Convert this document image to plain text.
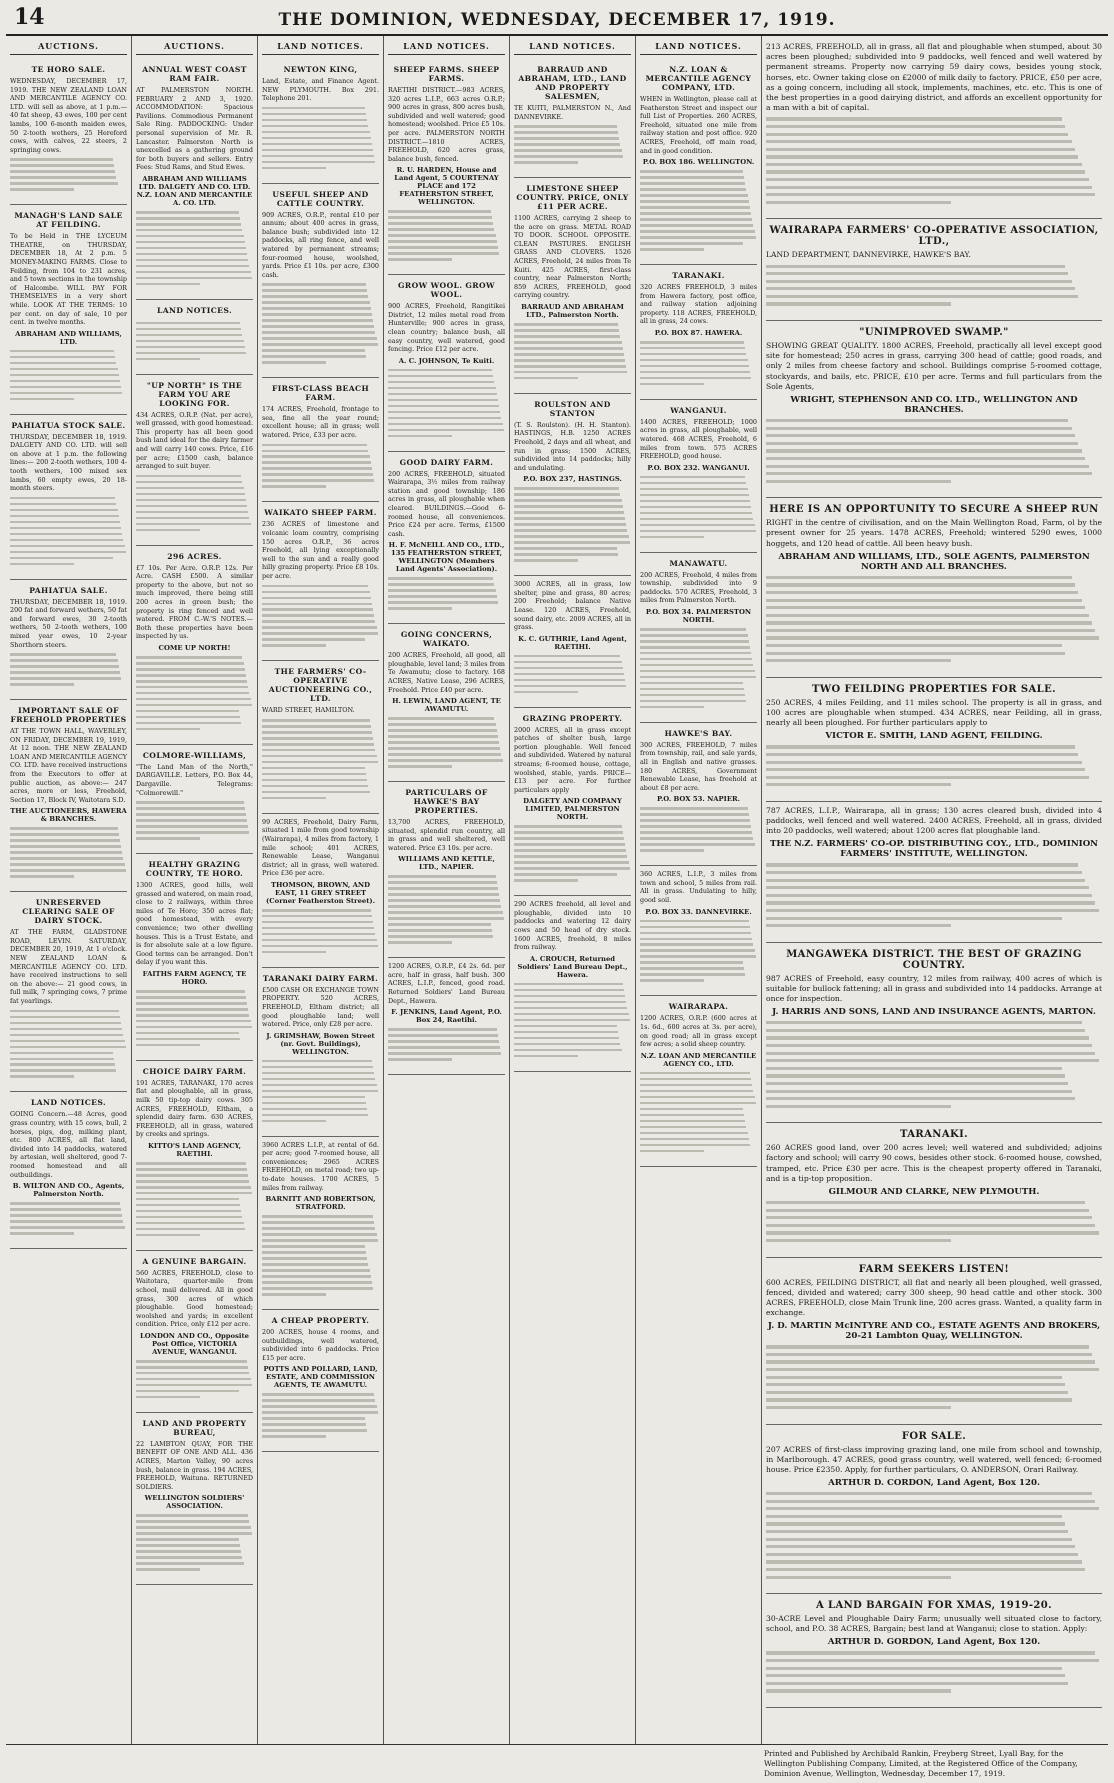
14	THE DOMINION, WEDNESDAY, DECEMBER 17, 1919.
AUCTIONS.
TE HORO SALE.

WEDNESDAY, DECEMBER 17, 1919. THE NEW ZEALAND LOAN AND MERCANTILE AGENCY CO. LTD. will sell as above, at 1 p.m.— 40 fat sheep, 43 ewes, 100 per cent lambs, 100 6-month maiden ewes, 50 2-tooth wethers, 25 Hereford cows, with calves, 22 steers, 2 springing cows.

MANAGH'S LAND SALE AT FEILDING.

To be Held in THE LYCEUM THEATRE, on THURSDAY, DECEMBER 18, At 2 p.m. 5 MONEY-MAKING FARMS. Close to Feilding, from 104 to 231 acres, and 5 town sections in the township of Halcombe. WILL PAY FOR THEMSELVES in a very short while. LOOK AT THE TERMS: 10 per cent. on day of sale, 10 per cent. in twelve months.

ABRAHAM AND WILLIAMS, LTD.
PAHIATUA STOCK SALE.

THURSDAY, DECEMBER 18, 1919. DALGETY AND CO. LTD. will sell on above at 1 p.m. the following lines:— 200 2-tooth wethers, 100 4-tooth wethers, 100 mixed sex lambs, 60 empty ewes, 20 18-month steers.

PAHIATUA SALE.

THURSDAY, DECEMBER 18, 1919. 200 fat and forward wethers, 50 fat and forward ewes, 30 2-tooth wethers, 50 2-tooth wethers, 100 mixed year ewes, 10 2-year Shorthorn steers.

IMPORTANT SALE OF FREEHOLD PROPERTIES

AT THE TOWN HALL, WAVERLEY, ON FRIDAY, DECEMBER 19, 1919, At 12 noon. THE NEW ZEALAND LOAN AND MERCANTILE AGENCY CO. LTD. have received instructions from the Executors to offer at public auction, as above:— 247 acres, more or less, Freehold, Section 17, Block IV, Waitotara S.D.

THE AUCTIONEERS, HAWERA & BRANCHES.
UNRESERVED CLEARING SALE OF DAIRY STOCK.

AT THE FARM, GLADSTONE ROAD, LEVIN. SATURDAY, DECEMBER 20, 1919, At 1 o'clock. NEW ZEALAND LOAN & MERCANTILE AGENCY CO. LTD. have received instructions to sell on the above:— 21 good cows, in full milk, 7 springing cows, 7 prime fat yearlings.

LAND NOTICES.

GOING Concern.—48 Acres, good grass country, with 15 cows, bull, 2 horses, pigs, dog, milking plant, etc. 800 ACRES, all flat land, divided into 14 paddocks, watered by artesian, well sheltered, good 7-roomed homestead and all outbuildings.

B. WILTON AND CO., Agents, Palmerston North.
AUCTIONS.
ANNUAL WEST COAST RAM FAIR.

AT PALMERSTON NORTH. FEBRUARY 2 AND 3, 1920. ACCOMMODATION: Spacious Pavilions. Commodious Permanent Sale Ring. PADDOCKING: Under personal supervision of Mr. R. Lancaster. Palmerston North is unexcelled as a gathering ground for both buyers and sellers. Entry Fees: Stud Rams, and Stud Ewes.

ABRAHAM AND WILLIAMS LTD. DALGETY AND CO. LTD. N.Z. LOAN AND MERCANTILE A. CO. LTD.
LAND NOTICES.
"UP NORTH" IS THE FARM YOU ARE LOOKING FOR.

434 ACRES, O.R.P. (Nat. per acre), well grassed, with good homestead. This property has all been good bush land ideal for the dairy farmer and will carry 140 cows. Price, £16 per acre; £1500 cash, balance arranged to suit buyer.

296 ACRES.

£7 10s. Per Acre. O.R.P. 12s. Per Acre. CASH £500. A similar property to the above, but not so much improved, there being still 200 acres in green bush; the property is ring fenced and well watered. FROM C.-W.'S NOTES.—Both these properties have been inspected by us.

COME UP NORTH!
COLMORE-WILLIAMS,

"The Land Man of the North," DARGAVILLE. Letters, P.O. Box 44, Dargaville. Telegrams: "Colmorewill."

HEALTHY GRAZING COUNTRY, TE HORO.

1300 ACRES, good hills, well grassed and watered, on main road, close to 2 railways, within three miles of Te Horo; 350 acres flat; good homestead, with every convenience; two other dwelling houses. This is a Trust Estate, and is for absolute sale at a low figure. Good terms can be arranged. Don't delay if you want this.

FAITHS FARM AGENCY, TE HORO.
CHOICE DAIRY FARM.

191 ACRES, TARANAKI, 170 acres flat and ploughable, all in grass, milk 50 tip-top dairy cows. 305 ACRES, FREEHOLD, Eltham, a splendid dairy farm. 630 ACRES, FREEHOLD, all in grass, watered by creeks and springs.

KITTO'S LAND AGENCY, RAETIHI.
A GENUINE BARGAIN.

560 ACRES, FREEHOLD, close to Waitotara, quarter-mile from school, mail delivered. All in good grass, 300 acres of which ploughable. Good homestead; woolshed and yards; in excellent condition. Price, only £12 per acre.

LONDON AND CO., Opposite Post Office, VICTORIA AVENUE, WANGANUI.
LAND AND PROPERTY BUREAU,

22 LAMBTON QUAY, FOR THE BENEFIT OF ONE AND ALL. 436 ACRES, Marton Valley, 90 acres bush, balance in grass. 194 ACRES, FREEHOLD, Waituna. RETURNED SOLDIERS.

WELLINGTON SOLDIERS' ASSOCIATION.
LAND NOTICES.
NEWTON KING,

Land, Estate, and Finance Agent. NEW PLYMOUTH. Box 291. Telephone 201.

USEFUL SHEEP AND CATTLE COUNTRY.

909 ACRES, O.R.P., rental £10 per annum; about 400 acres in grass, balance bush; subdivided into 12 paddocks, all ring fence, and well watered by permanent streams; four-roomed house, woolshed, yards. Price £1 10s. per acre, £300 cash.

FIRST-CLASS BEACH FARM.

174 ACRES, Freehold, frontage to sea, fine all the year round; excellent house; all in grass; well watered. Price, £33 per acre.

WAIKATO SHEEP FARM.

236 ACRES of limestone and volcanic loam country, comprising 150 acres O.R.P., 36 acres Freehold, all lying exceptionally well to the sun and a really good hilly grazing property. Price £8 10s. per acre.

THE FARMERS' CO-OPERATIVE AUCTIONEERING CO., LTD.

WARD STREET, HAMILTON.

99 ACRES, Freehold, Dairy Farm, situated 1 mile from good township (Wairarapa), 4 miles from factory, 1 mile school; 401 ACRES, Renewable Lease, Wanganui district; all in grass, well watered. Price £36 per acre.

THOMSON, BROWN, AND EAST, 11 GREY STREET (Corner Featherston Street).
TARANAKI DAIRY FARM.

£500 CASH OR EXCHANGE TOWN PROPERTY. 520 ACRES, FREEHOLD, Eltham district; all good ploughable land; well watered. Price, only £28 per acre.

J. GRIMSHAW, Bowen Street (nr. Govt. Buildings), WELLINGTON.

3960 ACRES L.I.P., at rental of 6d. per acre; good 7-roomed house, all conveniences; 2965 ACRES FREEHOLD, on metal road; two up-to-date houses. 1700 ACRES, 5 miles from railway.

BARNITT AND ROBERTSON, STRATFORD.
A CHEAP PROPERTY.

200 ACRES, house 4 rooms, and outbuildings, well watered, subdivided into 6 paddocks. Price £15 per acre.

POTTS AND POLLARD, LAND, ESTATE, AND COMMISSION AGENTS, TE AWAMUTU.
LAND NOTICES.
SHEEP FARMS. SHEEP FARMS.

RAETIHI DISTRICT.—983 ACRES, 320 acres L.I.P., 663 acres O.R.P.; 900 acres in grass, 800 acres bush, subdivided and well watered; good homestead; woolshed. Price £5 10s. per acre. PALMERSTON NORTH DISTRICT.—1810 ACRES, FREEHOLD, 620 acres grass, balance bush, fenced.

R. U. HARDEN, House and Land Agent, 5 COURTENAY PLACE and 172 FEATHERSTON STREET, WELLINGTON.
GROW WOOL. GROW WOOL.

900 ACRES, Freehold, Rangitikei District, 12 miles metal road from Hunterville; 900 acres in grass, clean country; balance bush, all easy country, well watered, good fencing. Price £12 per acre.

A. C. JOHNSON, Te Kuiti.
GOOD DAIRY FARM.

200 ACRES, FREEHOLD, situated Wairarapa, 3½ miles from railway station and good township; 186 acres in grass, all ploughable when cleared. BUILDINGS.—Good 6-roomed house, all conveniences. Price £24 per acre. Terms, £1500 cash.

H. F. McNEILL AND CO., LTD., 135 FEATHERSTON STREET, WELLINGTON (Members Land Agents' Association).
GOING CONCERNS, WAIKATO.

200 ACRES, Freehold, all good, all ploughable, level land; 3 miles from Te Awamutu; close to factory. 168 ACRES, Native Lease, 296 ACRES, Freehold. Price £40 per acre.

H. LEWIN, LAND AGENT, TE AWAMUTU.
PARTICULARS OF HAWKE'S BAY PROPERTIES.

13,700 ACRES, FREEHOLD, situated, splendid run country, all in grass and well sheltered, well watered. Price £3 10s. per acre.

WILLIAMS AND KETTLE, LTD., NAPIER.

1200 ACRES, O.R.P., £4 2s. 6d. per acre, half in grass, half bush. 300 ACRES, L.I.P., fenced, good road. Returned Soldiers' Land Bureau Dept., Hawera.

F. JENKINS, Land Agent, P.O. Box 24, Raetihi.
LAND NOTICES.
BARRAUD AND ABRAHAM, LTD., LAND AND PROPERTY SALESMEN,

TE KUITI, PALMERSTON N., And DANNEVIRKE.

LIMESTONE SHEEP COUNTRY. PRICE, ONLY £11 PER ACRE.

1100 ACRES, carrying 2 sheep to the acre on grass. METAL ROAD TO DOOR. SCHOOL OPPOSITE. CLEAN PASTURES. ENGLISH GRASS AND CLOVERS. 1526 ACRES, Freehold, 24 miles from Te Kuiti. 425 ACRES, first-class country, near Palmerston North; 859 ACRES, FREEHOLD, good carrying country.

BARRAUD AND ABRAHAM LTD., Palmerston North.
ROULSTON AND STANTON

(T. S. Roulston). (H. H. Stanton). HASTINGS, H.B. 1250 ACRES Freehold, 2 days and all wheat, and run in grass; 1500 ACRES, subdivided into 14 paddocks; hilly and undulating.

P.O. BOX 237, HASTINGS.

3000 ACRES, all in grass, low shelter, pine and grass, 80 acres; 200 Freehold; balance Native Lease. 120 ACRES, Freehold, sound dairy, etc. 2009 ACRES, all in grass.

K. C. GUTHRIE, Land Agent, RAETIHI.
GRAZING PROPERTY.

2000 ACRES, all in grass except patches of shelter bush, large portion ploughable. Well fenced and subdivided. Watered by natural streams; 6-roomed house, cottage, woolshed, stable, yards. PRICE—£13 per acre. For further particulars apply

DALGETY AND COMPANY LIMITED, PALMERSTON NORTH.

290 ACRES freehold, all level and ploughable, divided into 10 paddocks and watering 12 dairy cows and 50 head of dry stock. 1600 ACRES, freehold, 8 miles from railway.

A. CROUCH, Returned Soldiers' Land Bureau Dept., Hawera.
LAND NOTICES.
N.Z. LOAN & MERCANTILE AGENCY COMPANY, LTD.

WHEN in Wellington, please call at Featherston Street and inspect our full List of Properties. 260 ACRES, Freehold, situated one mile from railway station and post office. 920 ACRES, Freehold, off main road, and in good condition.

P.O. BOX 186. WELLINGTON.
TARANAKI.

320 ACRES FREEHOLD, 3 miles from Hawera factory, post office, and railway station adjoining property. 118 ACRES, FREEHOLD, all in grass, 24 cows.

P.O. BOX 87. HAWERA.
WANGANUI.

1400 ACRES, FREEHOLD; 1000 acres in grass, all ploughable, well watered. 468 ACRES, Freehold, 6 miles from town. 575 ACRES FREEHOLD, good house.

P.O. BOX 232. WANGANUI.
MANAWATU.

200 ACRES, Freehold, 4 miles from township, subdivided into 9 paddocks. 570 ACRES, Freehold, 3 miles from Palmerston North.

P.O. BOX 34. PALMERSTON NORTH.
HAWKE'S BAY.

300 ACRES, FREEHOLD, 7 miles from township, rail, and sale yards, all in English and native grasses. 180 ACRES, Government Renewable Lease, has freehold at about £8 per acre.

P.O. BOX 53. NAPIER.

360 ACRES, L.I.P., 3 miles from town and school, 5 miles from rail. All in grass. Undulating to hilly, good soil.

P.O. BOX 33. DANNEVIRKE.
WAIRARAPA.

1200 ACRES, O.R.P. (600 acres at 1s. 6d., 600 acres at 3s. per acre), on good road; all in grass except few acres; a solid sheep country.

N.Z. LOAN AND MERCANTILE AGENCY CO., LTD.

213 ACRES, FREEHOLD, all in grass, all flat and ploughable when stumped, about 30 acres been ploughed; subdivided into 9 paddocks, well fenced and well watered by permanent streams. Property now carrying 59 dairy cows, besides young stock, horses, etc. Owner taking close on £2000 of milk daily to factory. PRICE, £50 per acre, as a going concern, including all stock, implements, machines, etc. etc. This is one of the best properties in a good dairying district, and affords an excellent opportunity for a man with a bit of capital.

WAIRARAPA FARMERS' CO-OPERATIVE ASSOCIATION, LTD.,

LAND DEPARTMENT, DANNEVIRKE, HAWKE'S BAY.

"UNIMPROVED SWAMP."

SHOWING GREAT QUALITY. 1800 ACRES, Freehold, practically all level except good site for homestead; 250 acres in grass, carrying 300 head of cattle; good roads, and only 2 miles from cheese factory and school. Buildings comprise 5-roomed cottage, stockyards, and bails, etc. PRICE, £10 per acre. Terms and full particulars from the Sole Agents,

WRIGHT, STEPHENSON AND CO. LTD., WELLINGTON AND BRANCHES.
HERE IS AN OPPORTUNITY TO SECURE A SHEEP RUN

RIGHT in the centre of civilisation, and on the Main Wellington Road, Farm, ol by the present owner for 25 years. 1478 ACRES, Freehold; wintered 5290 ewes, 1000 hoggets, and 120 head of cattle. All been heavy bush.

ABRAHAM AND WILLIAMS, LTD., SOLE AGENTS, PALMERSTON NORTH AND ALL BRANCHES.
TWO FEILDING PROPERTIES FOR SALE.

250 ACRES, 4 miles Feilding, and 11 miles school. The property is all in grass, and 100 acres are ploughable when stumped. 434 ACRES, near Feilding, all in grass, nearly all been ploughed. For further particulars apply to

VICTOR E. SMITH, LAND AGENT, FEILDING.

787 ACRES, L.I.P., Wairarapa, all in grass; 130 acres cleared bush, divided into 4 paddocks, well fenced and well watered. 2400 ACRES, Freehold, all in grass, divided into 20 paddocks, well watered; about 1200 acres flat ploughable land.

THE N.Z. FARMERS' CO-OP. DISTRIBUTING COY., LTD., DOMINION FARMERS' INSTITUTE, WELLINGTON.
MANGAWEKA DISTRICT. THE BEST OF GRAZING COUNTRY.

987 ACRES of Freehold, easy country, 12 miles from railway, 400 acres of which is suitable for bullock fattening; all in grass and subdivided into 14 paddocks. Arrange at once for inspection.

J. HARRIS AND SONS, LAND AND INSURANCE AGENTS, MARTON.
TARANAKI.

260 ACRES good land, over 200 acres level; well watered and subdivided; adjoins factory and school; will carry 90 cows, besides other stock. 6-roomed house, cowshed, tramped, etc. Price £30 per acre. This is the cheapest property offered in Taranaki, and is a tip-top proposition.

GILMOUR AND CLARKE, NEW PLYMOUTH.
FARM SEEKERS LISTEN!

600 ACRES, FEILDING DISTRICT, all flat and nearly all been ploughed, well grassed, fenced, divided and watered; carry 300 sheep, 90 head cattle and other stock. 300 ACRES, FREEHOLD, close Main Trunk line, 200 acres grass. Wanted, a quality farm in exchange.

J. D. MARTIN McINTYRE AND CO., ESTATE AGENTS AND BROKERS, 20-21 Lambton Quay, WELLINGTON.
FOR SALE.

207 ACRES of first-class improving grazing land, one mile from school and township, in Marlborough. 47 ACRES, good grass country, well watered, well fenced; 6-roomed house. Price £2350. Apply, for further particulars, O. ANDERSON, Orari Railway.

ARTHUR D. CORDON, Land Agent, Box 120.
A LAND BARGAIN FOR XMAS, 1919-20.

30-ACRE Level and Ploughable Dairy Farm; unusually well situated close to factory, school, and P.O. 38 ACRES, Bargain; best land at Wanganui; close to station. Apply:

ARTHUR D. GORDON, Land Agent, Box 120.
Printed and Published by Archibald Rankin, Freyberg Street, Lyall Bay, for the Wellington Publishing Company, Limited, at the Registered Office of the Company, Dominion Avenue, Wellington, Wednesday, December 17, 1919.
